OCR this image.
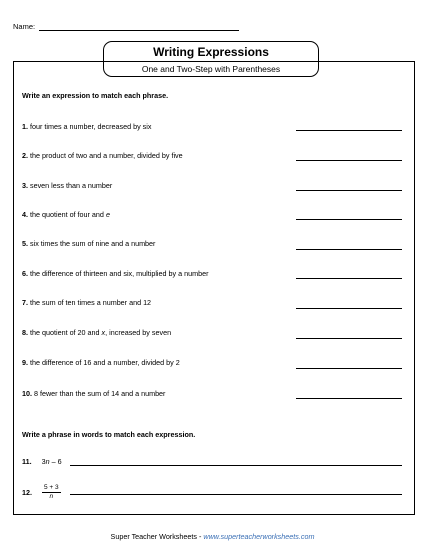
Name:
Writing Expressions
One and Two-Step with Parentheses
Write an expression to match each phrase.
1. four times a number, decreased by six
2. the product of two and a number, divided by five
3. seven less than a number
4. the quotient of four and e
5. six times the sum of nine and a number
6. the difference of thirteen and six, multiplied by a number
7. the sum of ten times a number and 12
8. the quotient of 20 and x, increased by seven
9. the difference of 16 and a number, divided by 2
10. 8 fewer than the sum of 14 and a number
Write a phrase in words to match each expression.
11. 3n – 6
12. $\frac{5 + 3}{n}$
Super Teacher Worksheets - www.superteacherworksheets.com
